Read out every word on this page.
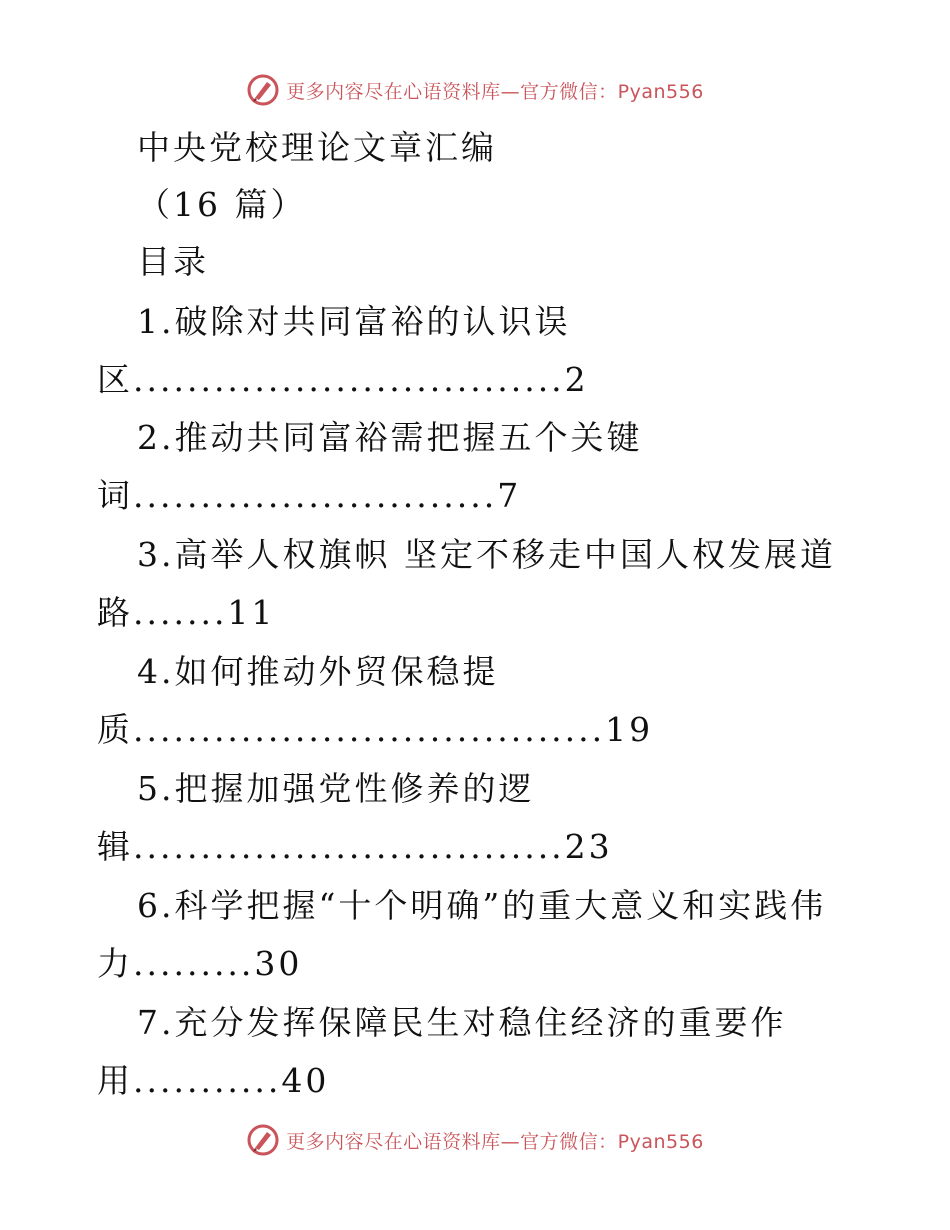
更多内容尽在心语资料库—官方微信：Pyan556
中央党校理论文章汇编
（16 篇）
目录
1.破除对共同富裕的认识误
区................................2
2.推动共同富裕需把握五个关键
词...........................7
3.高举人权旗帜 坚定不移走中国人权发展道
路.......11
4.如何推动外贸保稳提
质...................................19
5.把握加强党性修养的逻
辑................................23
6.科学把握“十个明确”的重大意义和实践伟
力.........30
7.充分发挥保障民生对稳住经济的重要作
用...........40
更多内容尽在心语资料库—官方微信：Pyan556
